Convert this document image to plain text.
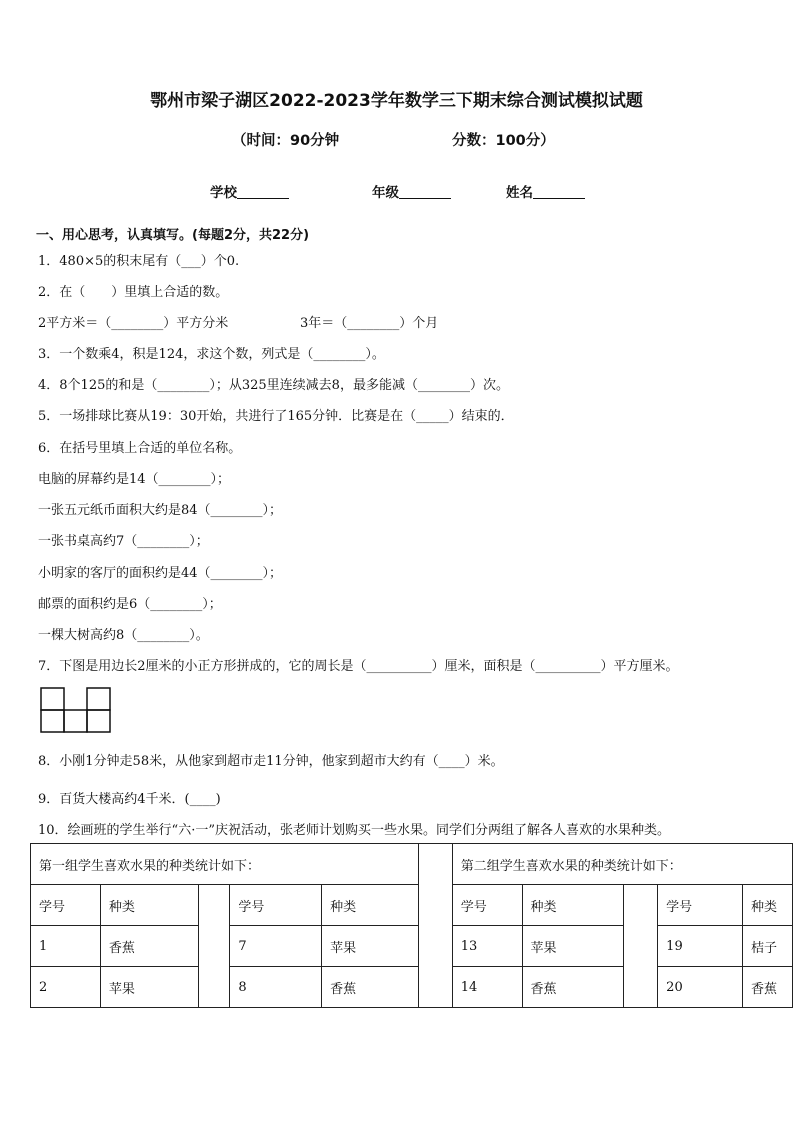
鄂州市梁子湖区2022-2023学年数学三下期末综合测试模拟试题
（时间：90分钟	分数：100分）
学校	年级	姓名
一、用心思考，认真填写。(每题2分，共22分)
1．480×5的积末尾有（___）个0.
2．在（　　）里填上合适的数。
2平方米＝（________）平方分米	3年＝（________）个月
3．一个数乘4，积是124，求这个数，列式是（________）。
4．8个125的和是（________）；从325里连续减去8，最多能减（________）次。
5．一场排球比赛从19：30开始，共进行了165分钟．比赛是在（_____）结束的．
6．在括号里填上合适的单位名称。
电脑的屏幕约是14（________）；
一张五元纸币面积大约是84（________）；
一张书桌高约7（________）；
小明家的客厅的面积约是44（________）；
邮票的面积约是6（________）；
一棵大树高约8（________）。
7．下图是用边长2厘米的小正方形拼成的，它的周长是（__________）厘米，面积是（__________）平方厘米。
8．小刚1分钟走58米，从他家到超市走11分钟，他家到超市大约有（____）米。
9．百货大楼高约4千米．(____)
10．绘画班的学生举行“六·一”庆祝活动，张老师计划购买一些水果。同学们分两组了解各人喜欢的水果种类。
第一组学生喜欢水果的种类统计如下：						第二组学生喜欢水果的种类统计如下：				
学号	种类		学号	种类		学号	种类		学号	种类
1	香蕉		7	苹果		13	苹果		19	桔子
2	苹果		8	香蕉		14	香蕉		20	香蕉
